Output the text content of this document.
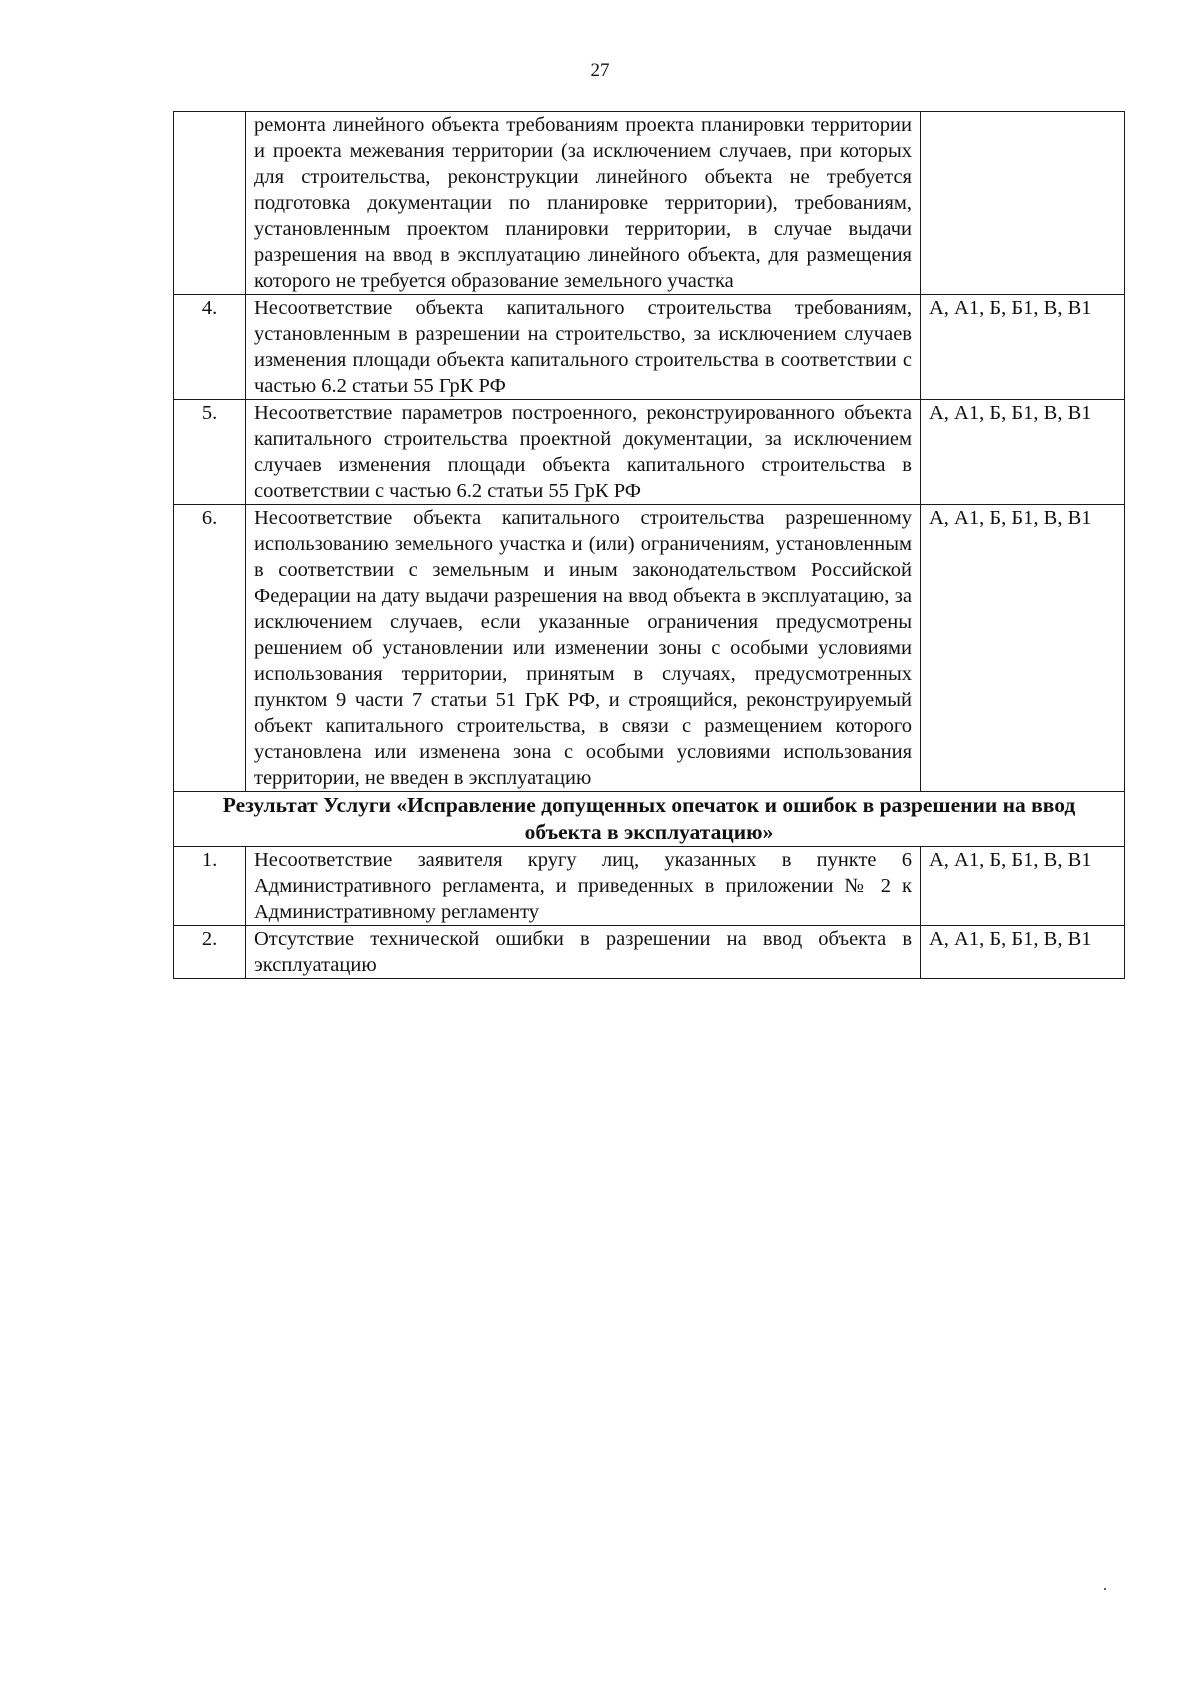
27
	ремонта линейного объекта требованиям проекта планировки территории и проекта межевания территории (за исключением случаев, при которых для строительства, реконструкции линейного объекта не требуется подготовка документации по планировке территории), требованиям, установленным проектом планировки территории, в случае выдачи разрешения на ввод в эксплуатацию линейного объекта, для размещения которого не требуется образование земельного участка	
4.	Несоответствие объекта капитального строительства требованиям, установленным в разрешении на строительство, за исключением случаев изменения площади объекта капитального строительства в соответствии с частью 6.2 статьи 55 ГрК РФ	А, А1, Б, Б1, В, В1
5.	Несоответствие параметров построенного, реконструированного объекта капитального строительства проектной документации, за исключением случаев изменения площади объекта капитального строительства в соответствии с частью 6.2 статьи 55 ГрК РФ	А, А1, Б, Б1, В, В1
6.	Несоответствие объекта капитального строительства разрешенному использованию земельного участка и (или) ограничениям, установленным в соответствии с земельным и иным законодательством Российской Федерации на дату выдачи разрешения на ввод объекта в эксплуатацию, за исключением случаев, если указанные ограничения предусмотрены решением об установлении или изменении зоны с особыми условиями использования территории, принятым в случаях, предусмотренных пунктом 9 части 7 статьи 51 ГрК РФ, и строящийся, реконструируемый объект капитального строительства, в связи с размещением которого установлена или изменена зона с особыми условиями использования территории, не введен в эксплуатацию	А, А1, Б, Б1, В, В1
Результат Услуги «Исправление допущенных опечаток и ошибок в разрешении на ввод объекта в эксплуатацию»		
1.	Несоответствие заявителя кругу лиц, указанных в пункте 6 Административного регламента, и приведенных в приложении № 2 к Административному регламенту	А, А1, Б, Б1, В, В1
2.	Отсутствие технической ошибки в разрешении на ввод объекта в эксплуатацию	А, А1, Б, Б1, В, В1
